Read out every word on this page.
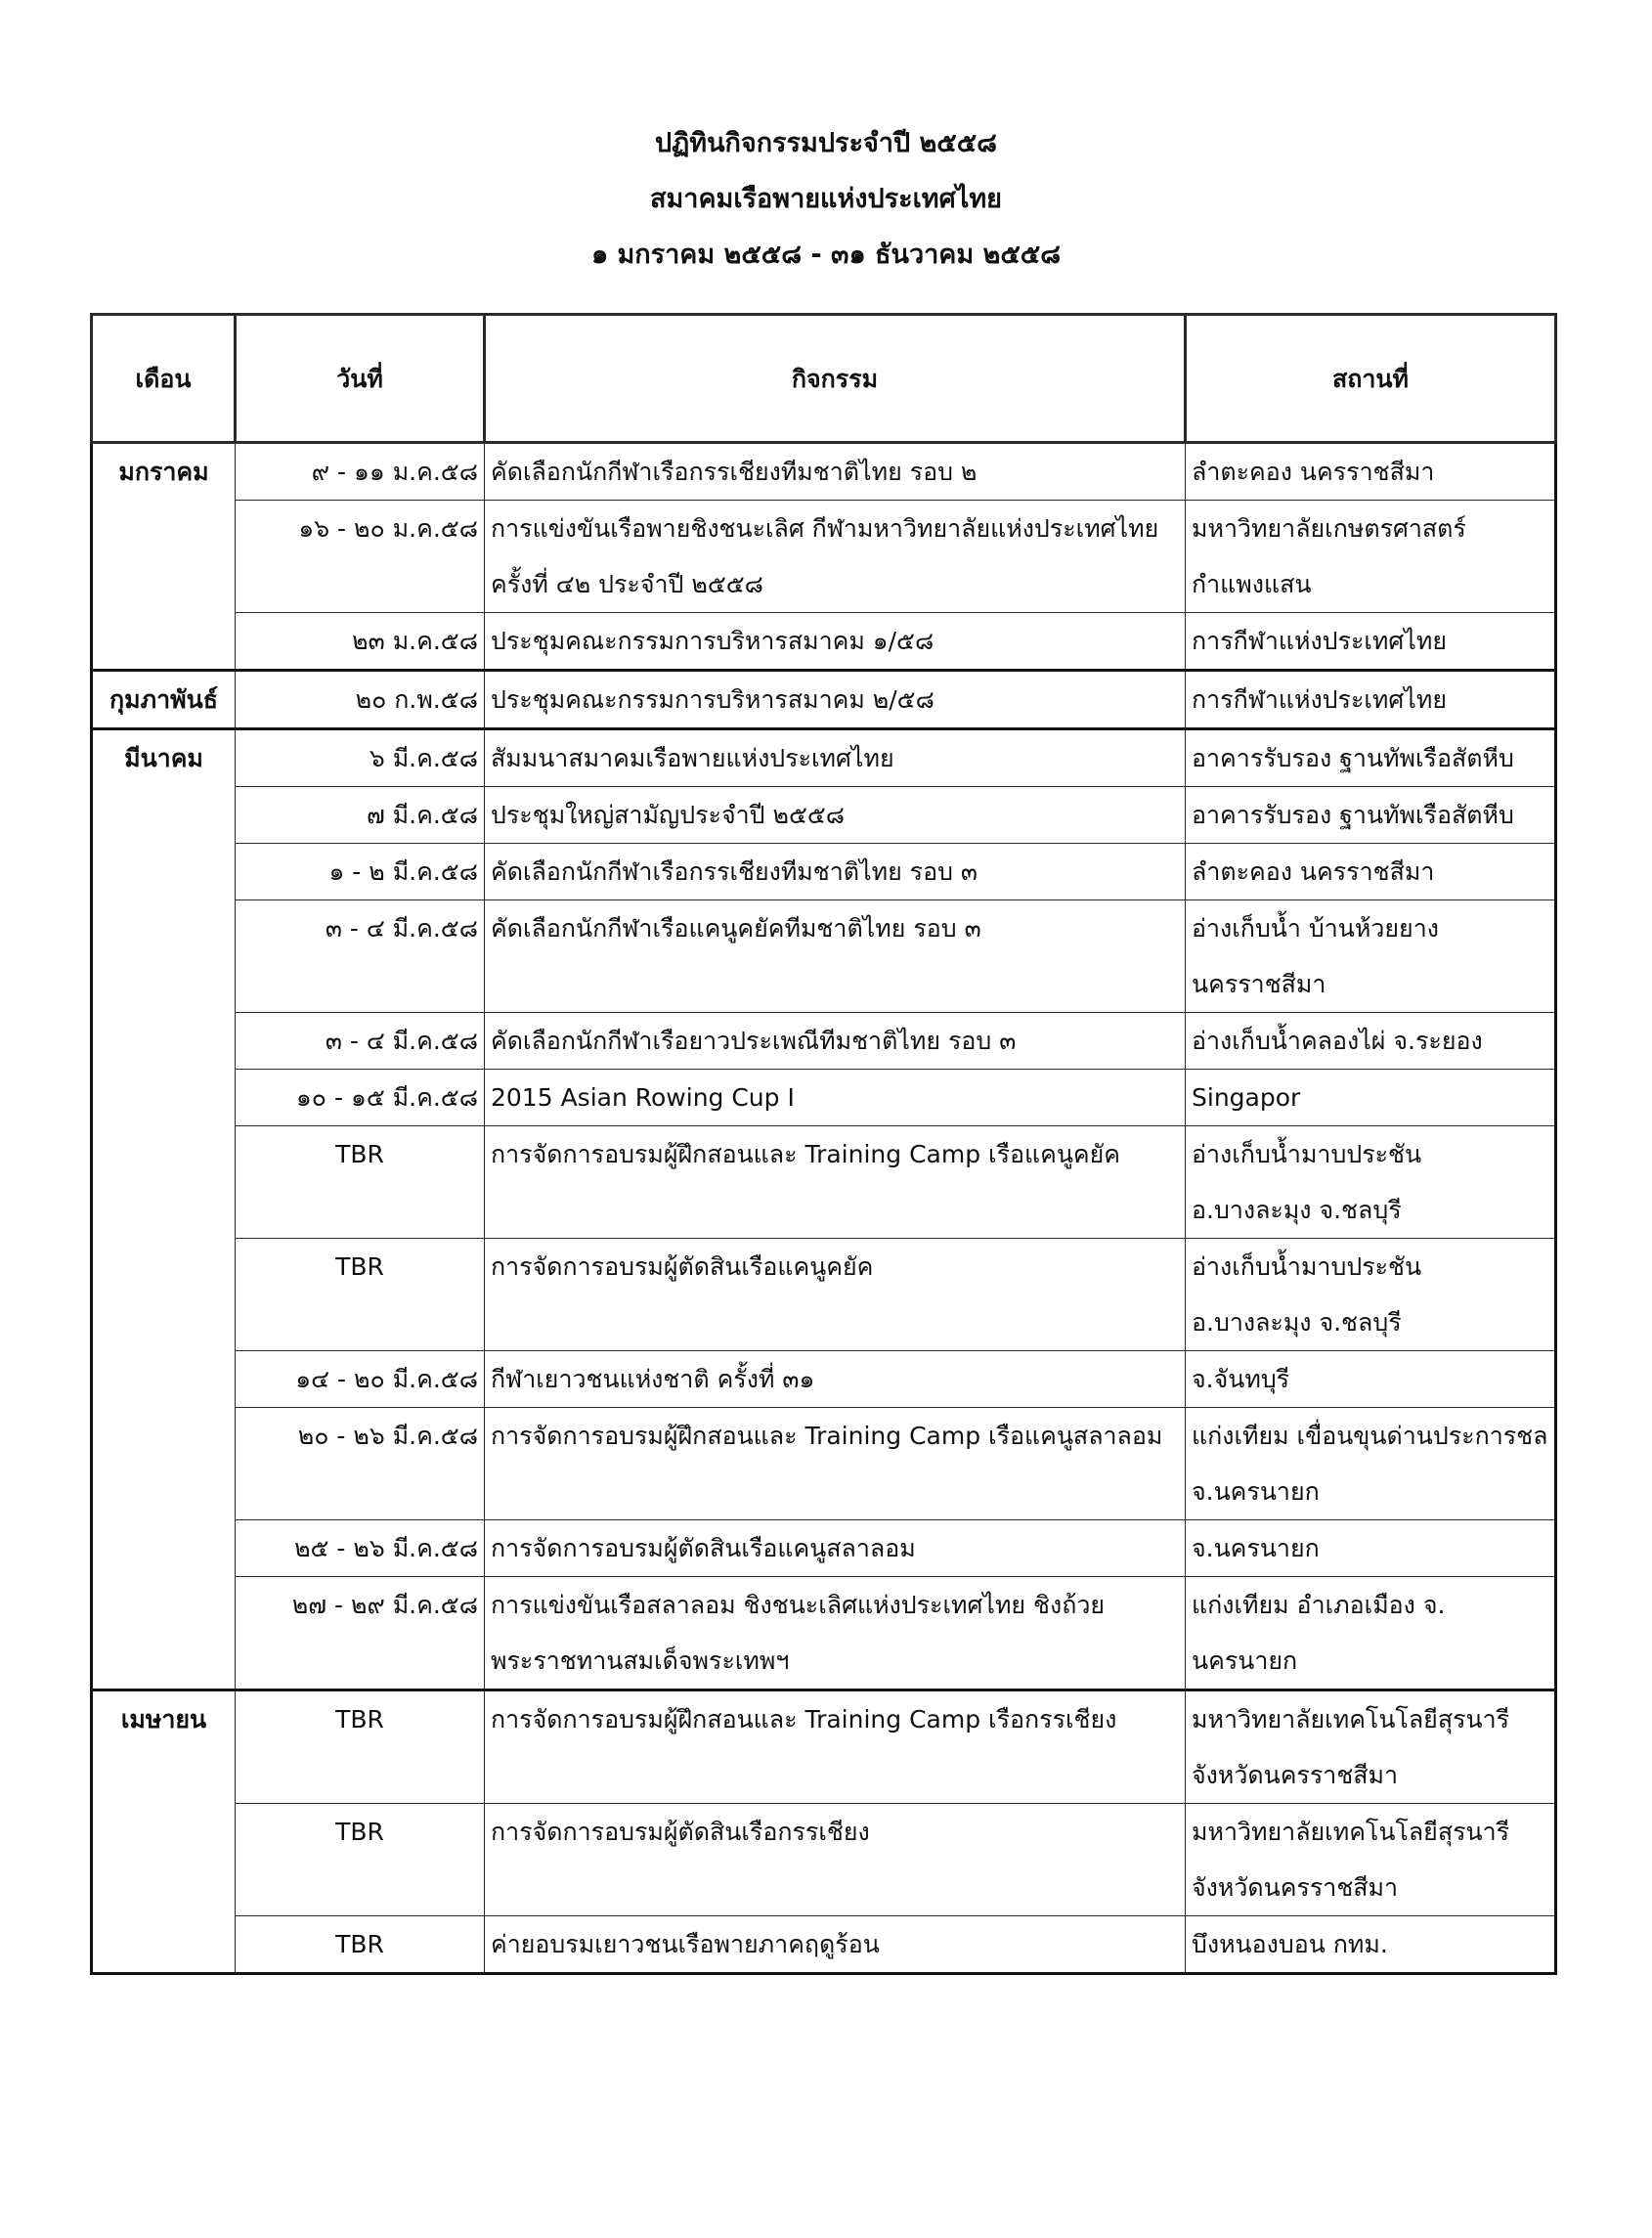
ปฏิทินกิจกรรมประจำปี ๒๕๕๘
สมาคมเรือพายแห่งประเทศไทย
๑ มกราคม ๒๕๕๘ - ๓๑ ธันวาคม ๒๕๕๘
เดือน	วันที่	กิจกรรม	สถานที่
มกราคม	๙ - ๑๑ ม.ค.๕๘	คัดเลือกนักกีฬาเรือกรรเชียงทีมชาติไทย รอบ ๒	ลำตะคอง นครราชสีมา
	๑๖ - ๒๐ ม.ค.๕๘	การแข่งขันเรือพายชิงชนะเลิศ กีฬามหาวิทยาลัยแห่งประเทศไทย ครั้งที่ ๔๒ ประจำปี ๒๕๕๘	มหาวิทยาลัยเกษตรศาสตร์ กำแพงแสน
	๒๓ ม.ค.๕๘	ประชุมคณะกรรมการบริหารสมาคม ๑/๕๘	การกีฬาแห่งประเทศไทย
กุมภาพันธ์	๒๐ ก.พ.๕๘	ประชุมคณะกรรมการบริหารสมาคม ๒/๕๘	การกีฬาแห่งประเทศไทย
มีนาคม	๖ มี.ค.๕๘	สัมมนาสมาคมเรือพายแห่งประเทศไทย	อาคารรับรอง ฐานทัพเรือสัตหีบ
	๗ มี.ค.๕๘	ประชุมใหญ่สามัญประจำปี ๒๕๕๘	อาคารรับรอง ฐานทัพเรือสัตหีบ
	๑ - ๒ มี.ค.๕๘	คัดเลือกนักกีฬาเรือกรรเชียงทีมชาติไทย รอบ ๓	ลำตะคอง นครราชสีมา
	๓ - ๔ มี.ค.๕๘	คัดเลือกนักกีฬาเรือแคนูคยัคทีมชาติไทย รอบ ๓	อ่างเก็บน้ำ บ้านห้วยยาง นครราชสีมา
	๓ - ๔ มี.ค.๕๘	คัดเลือกนักกีฬาเรือยาวประเพณีทีมชาติไทย รอบ ๓	อ่างเก็บน้ำคลองไผ่ จ.ระยอง
	๑๐ - ๑๕ มี.ค.๕๘	2015 Asian Rowing Cup I	Singapor
	TBR	การจัดการอบรมผู้ฝึกสอนและ Training Camp เรือแคนูคยัค	อ่างเก็บน้ำมาบประชัน อ.บางละมุง จ.ชลบุรี
	TBR	การจัดการอบรมผู้ตัดสินเรือแคนูคยัค	อ่างเก็บน้ำมาบประชัน อ.บางละมุง จ.ชลบุรี
	๑๔ - ๒๐ มี.ค.๕๘	กีฬาเยาวชนแห่งชาติ ครั้งที่ ๓๑	จ.จันทบุรี
	๒๐ - ๒๖ มี.ค.๕๘	การจัดการอบรมผู้ฝึกสอนและ Training Camp เรือแคนูสลาลอม	แก่งเทียม เขื่อนขุนด่านประการชล จ.นครนายก
	๒๕ - ๒๖ มี.ค.๕๘	การจัดการอบรมผู้ตัดสินเรือแคนูสลาลอม	จ.นครนายก
	๒๗ - ๒๙ มี.ค.๕๘	การแข่งขันเรือสลาลอม ชิงชนะเลิศแห่งประเทศไทย ชิงถ้วยพระราชทานสมเด็จพระเทพฯ	แก่งเทียม อำเภอเมือง จ. นครนายก
เมษายน	TBR	การจัดการอบรมผู้ฝึกสอนและ Training Camp เรือกรรเชียง	มหาวิทยาลัยเทคโนโลยีสุรนารี จังหวัดนครราชสีมา
	TBR	การจัดการอบรมผู้ตัดสินเรือกรรเชียง	มหาวิทยาลัยเทคโนโลยีสุรนารี จังหวัดนครราชสีมา
	TBR	ค่ายอบรมเยาวชนเรือพายภาคฤดูร้อน	บึงหนองบอน กทม.
